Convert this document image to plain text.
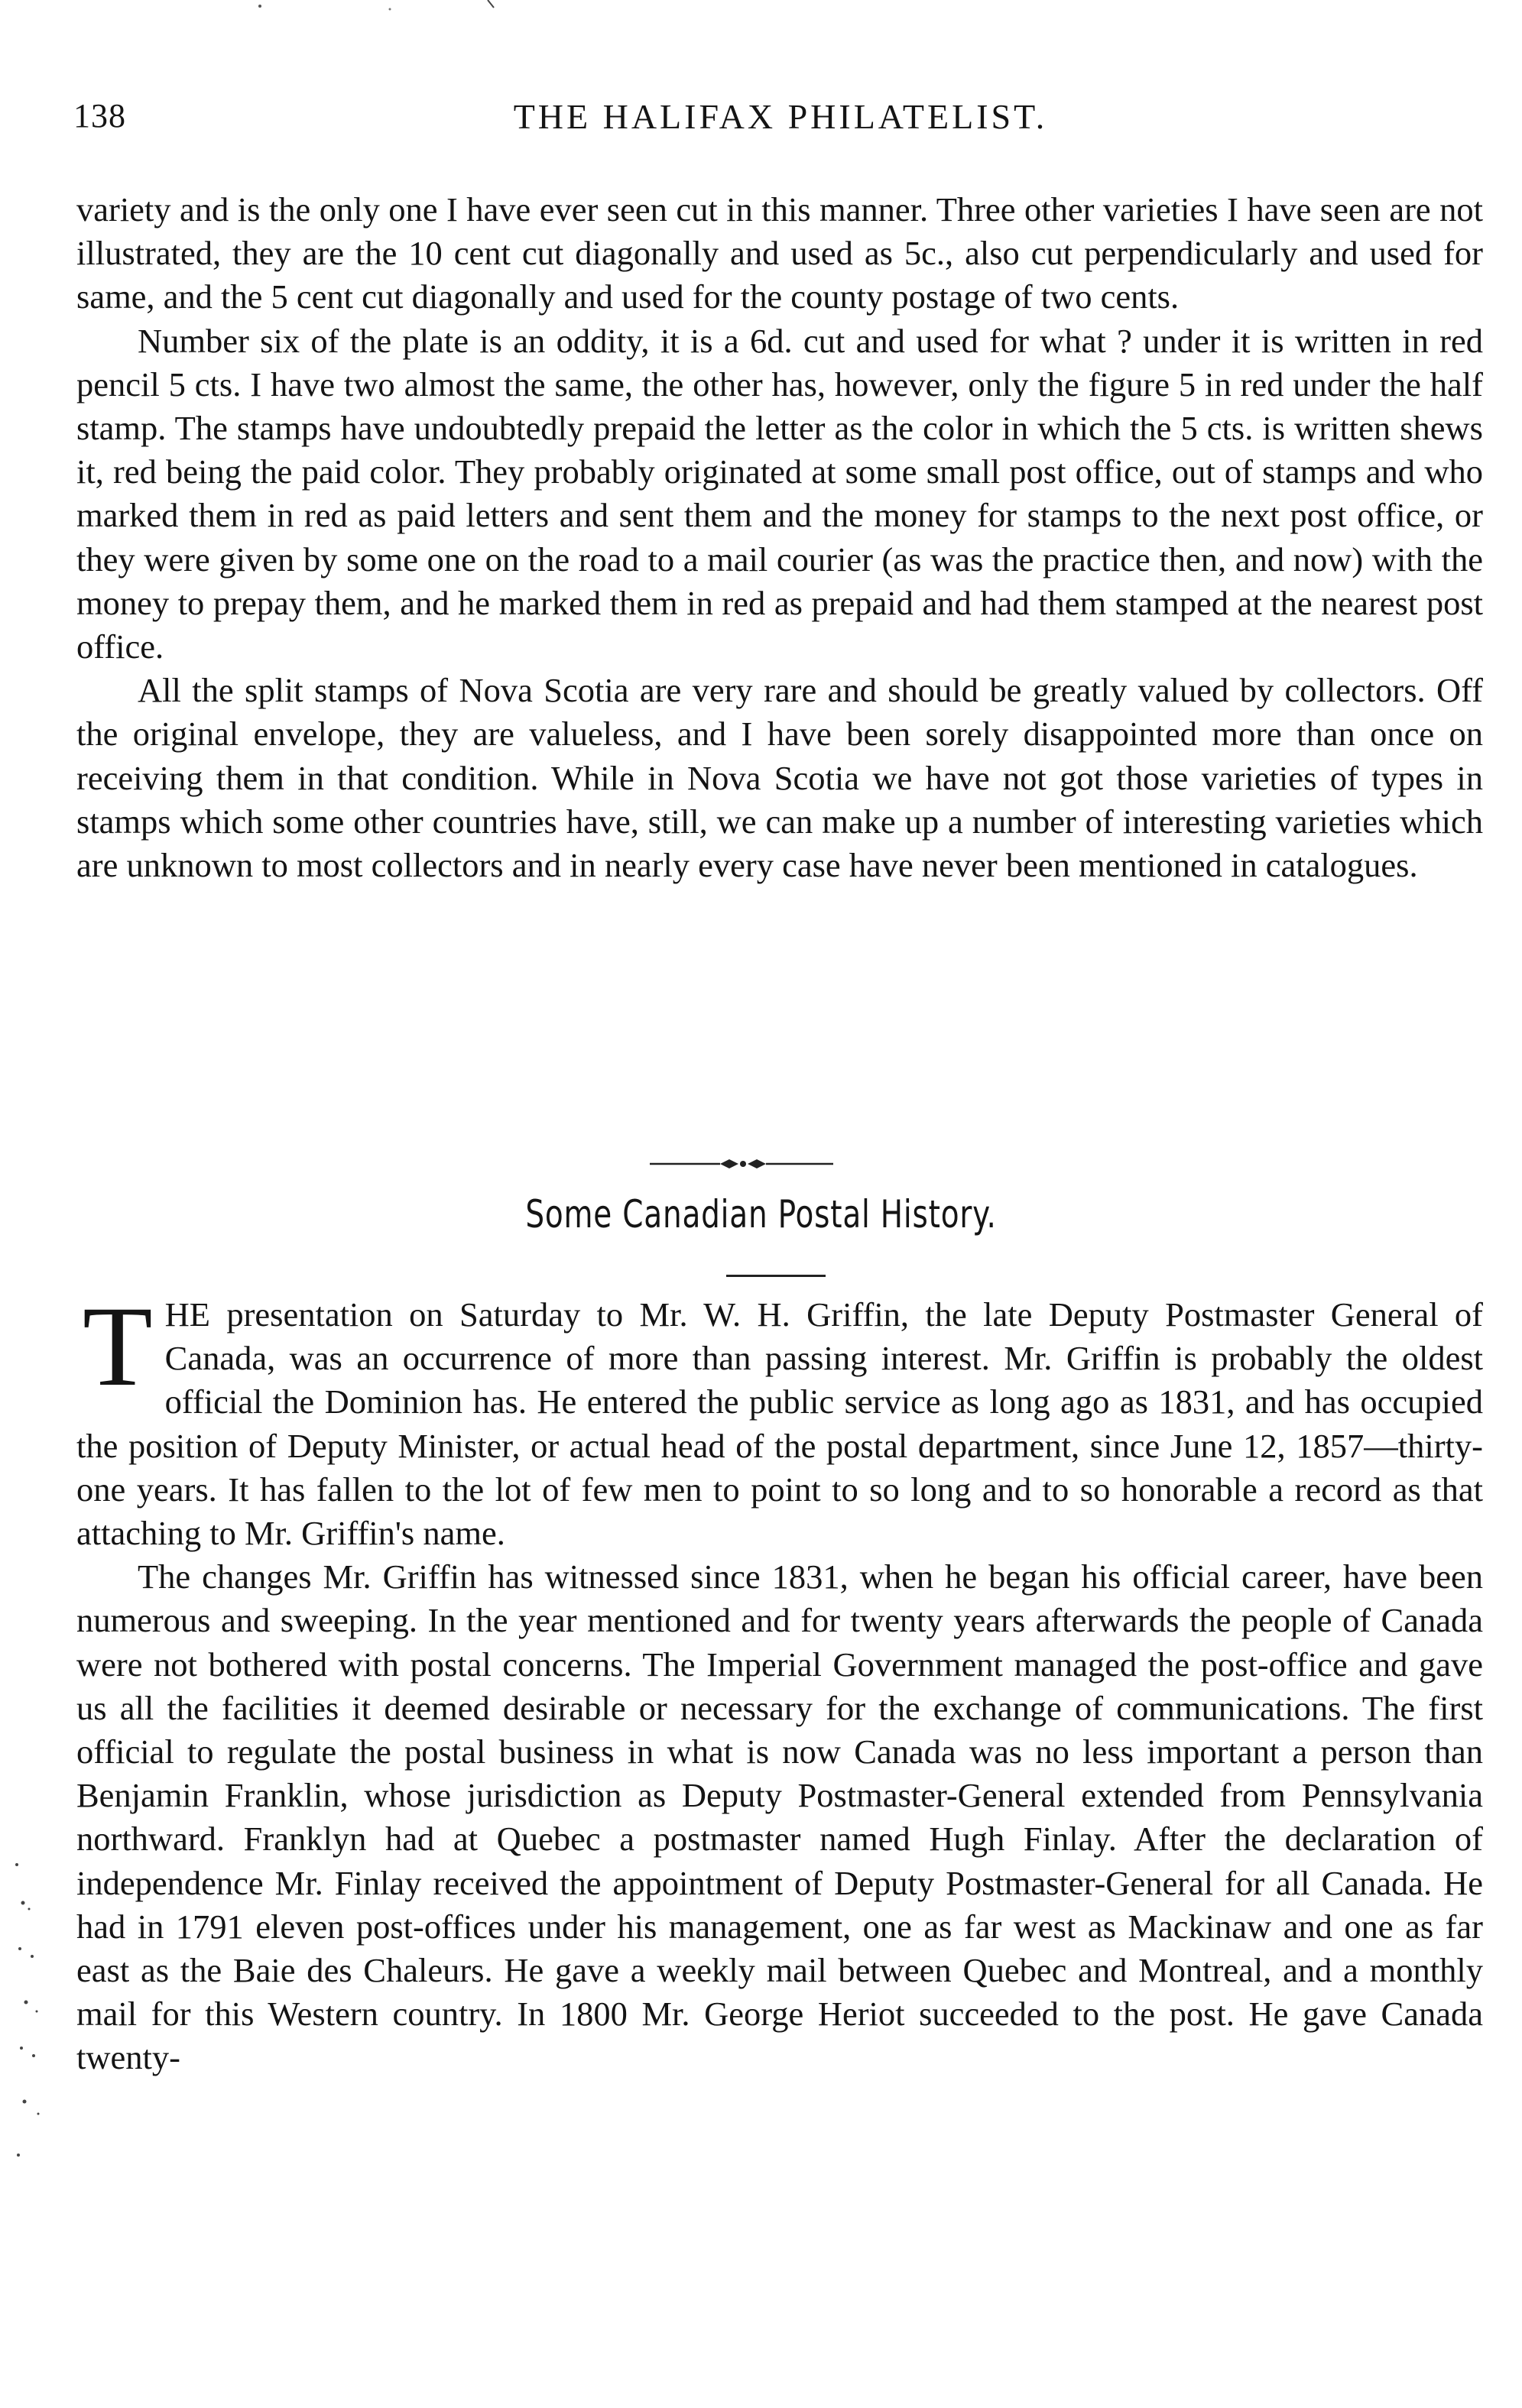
138	THE HALIFAX PHILATELIST.

variety and is the only one I have ever seen cut in this manner. Three other varieties I have seen are not illustrated, they are the 10 cent cut diagonally and used as 5c., also cut perpendicularly and used for same, and the 5 cent cut diagonally and used for the county postage of two cents.

Number six of the plate is an oddity, it is a 6d. cut and used for what ? under it is written in red pencil 5 cts. I have two almost the same, the other has, however, only the figure 5 in red under the half stamp. The stamps have undoubtedly prepaid the letter as the color in which the 5 cts. is written shews it, red being the paid color. They probably originated at some small post office, out of stamps and who marked them in red as paid letters and sent them and the money for stamps to the next post office, or they were given by some one on the road to a mail courier (as was the practice then, and now) with the money to prepay them, and he marked them in red as prepaid and had them stamped at the nearest post office.

All the split stamps of Nova Scotia are very rare and should be greatly valued by collectors. Off the original envelope, they are valueless, and I have been sorely disappointed more than once on receiving them in that condition. While in Nova Scotia we have not got those varieties of types in stamps which some other countries have, still, we can make up a number of interesting varieties which are unknown to most collectors and in nearly every case have never been mentioned in catalogues.

Some Canadian Postal History.

THE presentation on Saturday to Mr. W. H. Griffin, the late Deputy Postmaster General of Canada, was an occurrence of more than passing interest. Mr. Griffin is probably the oldest official the Dominion has. He entered the public service as long ago as 1831, and has occupied the position of Deputy Minister, or actual head of the postal department, since June 12, 1857—thirty-one years. It has fallen to the lot of few men to point to so long and to so honorable a record as that attaching to Mr. Griffin's name.

The changes Mr. Griffin has witnessed since 1831, when he began his official career, have been numerous and sweeping. In the year mentioned and for twenty years afterwards the people of Canada were not bothered with postal concerns. The Imperial Government managed the post-office and gave us all the facilities it deemed desirable or necessary for the exchange of communications. The first official to regulate the postal business in what is now Canada was no less important a person than Benjamin Franklin, whose jurisdiction as Deputy Postmaster-General extended from Pennsylvania northward. Franklyn had at Quebec a postmaster named Hugh Finlay. After the declaration of independence Mr. Finlay received the appointment of Deputy Postmaster-General for all Canada. He had in 1791 eleven post-offices under his management, one as far west as Mackinaw and one as far east as the Baie des Chaleurs. He gave a weekly mail between Quebec and Montreal, and a monthly mail for this Western country. In 1800 Mr. George Heriot succeeded to the post. He gave Canada twenty-
